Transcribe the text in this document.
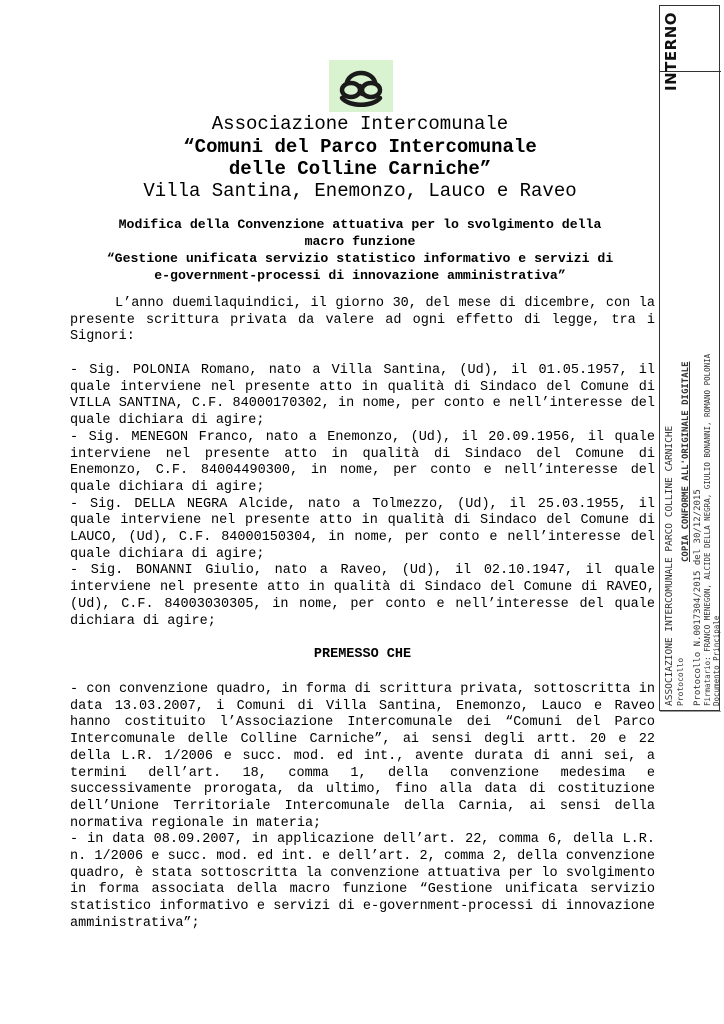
Associazione Intercomunale
“Comuni del Parco Intercomunale
delle Colline Carniche”
Villa Santina, Enemonzo, Lauco e Raveo
Modifica della Convenzione attuativa per lo svolgimento della
macro funzione
“Gestione unificata servizio statistico informativo e servizi di
e-government-processi di innovazione amministrativa”
L’anno duemilaquindici, il giorno 30, del mese di dicembre, con la presente scrittura privata da valere ad ogni effetto di legge, tra i Signori:

- Sig. POLONIA Romano, nato a Villa Santina, (Ud), il 01.05.1957, il quale interviene nel presente atto in qualità di Sindaco del Comune di VILLA SANTINA, C.F. 84000170302, in nome, per conto e nell’interesse del quale dichiara di agire;

- Sig. MENEGON Franco, nato a Enemonzo, (Ud), il 20.09.1956, il quale interviene nel presente atto in qualità di Sindaco del Comune di Enemonzo, C.F. 84004490300, in nome, per conto e nell’interesse del quale dichiara di agire;

- Sig. DELLA NEGRA Alcide, nato a Tolmezzo, (Ud), il 25.03.1955, il quale interviene nel presente atto in qualità di Sindaco del Comune di LAUCO, (Ud), C.F. 84000150304, in nome, per conto e nell’interesse del quale dichiara di agire;

- Sig. BONANNI Giulio, nato a Raveo, (Ud), il 02.10.1947, il quale interviene nel presente atto in qualità di Sindaco del Comune di RAVEO, (Ud), C.F. 84003030305, in nome, per conto e nell’interesse del quale dichiara di agire;

PREMESSO CHE

- con convenzione quadro, in forma di scrittura privata, sottoscritta in data 13.03.2007, i Comuni di Villa Santina, Enemonzo, Lauco e Raveo hanno costituito l’Associazione Intercomunale dei “Comuni del Parco Intercomunale delle Colline Carniche”, ai sensi degli artt. 20 e 22 della L.R. 1/2006 e succ. mod. ed int., avente durata di anni sei, a termini dell’art. 18, comma 1, della convenzione medesima e successivamente prorogata, da ultimo, fino alla data di costituzione dell’Unione Territoriale Intercomunale della Carnia, ai sensi della normativa regionale in materia;

- in data 08.09.2007, in applicazione dell’art. 22, comma 6, della L.R. n. 1/2006 e succ. mod. ed int. e dell’art. 2, comma 2, della convenzione quadro, è stata sottoscritta la convenzione attuativa per lo svolgimento in forma associata della macro funzione “Gestione unificata servizio statistico informativo e servizi di e-government-processi di innovazione amministrativa”;

ASSOCIAZIONE INTERCOMUNALE PARCO COLLINE CARNICHE Protocollo
COPIA CONFORME ALL'ORIGINALE DIGITALE
Protocollo N.0017304/2015 del 30/12/2015 Firmatario: FRANCO MENEGON, ALCIDE DELLA NEGRA, GIULIO BONANNI, ROMANO POLONIA Documento Principale
INTERNO
